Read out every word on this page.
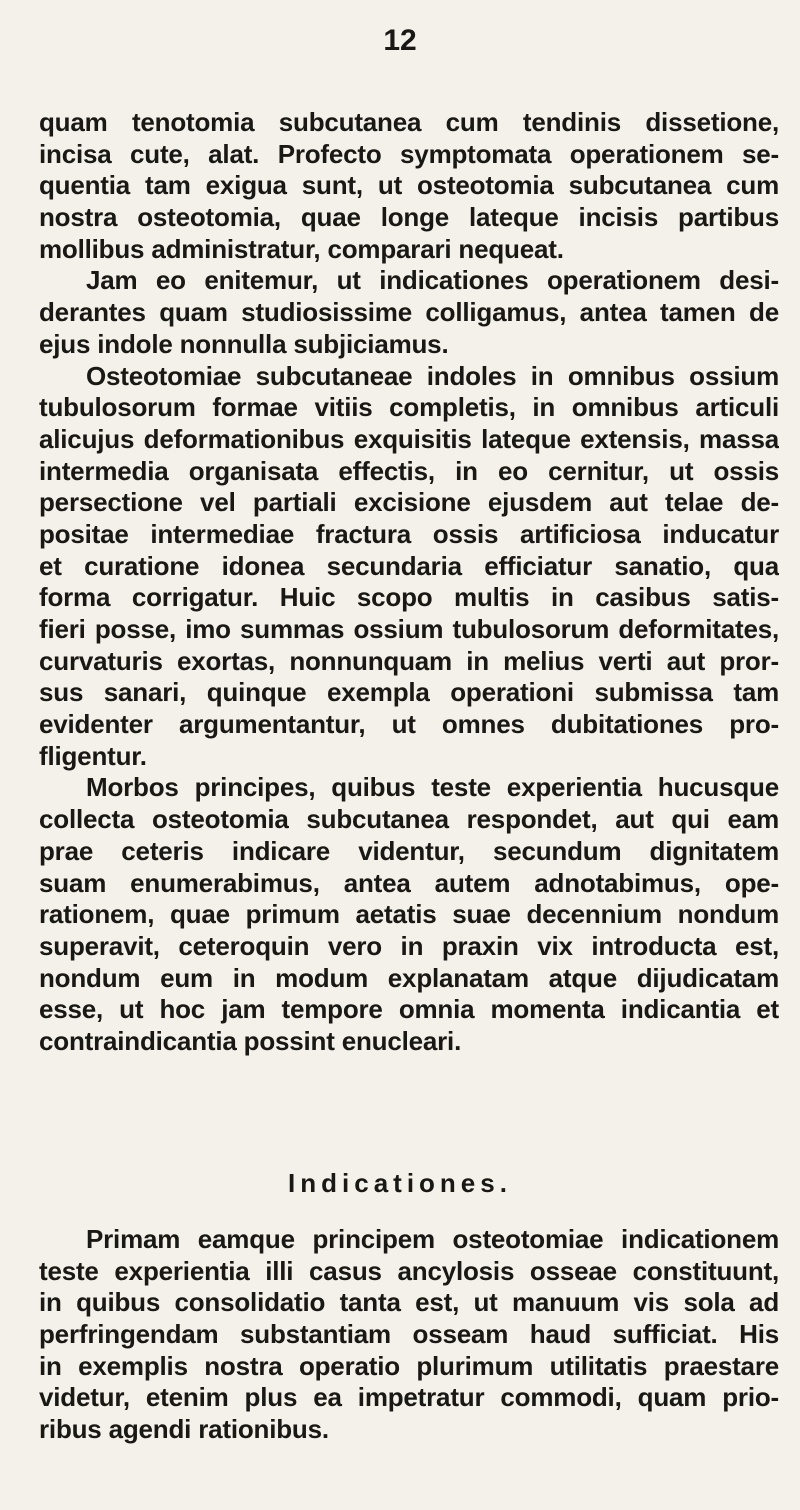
12
quam tenotomia subcutanea cum tendinis dissetione,
incisa cute, alat. Profecto symptomata operationem se-
quentia tam exigua sunt, ut osteotomia subcutanea cum
nostra osteotomia, quae longe lateque incisis partibus
mollibus administratur, comparari nequeat.
Jam eo enitemur, ut indicationes operationem desi-
derantes quam studiosissime colligamus, antea tamen de
ejus indole nonnulla subjiciamus.
Osteotomiae subcutaneae indoles in omnibus ossium
tubulosorum formae vitiis completis, in omnibus articuli
alicujus deformationibus exquisitis lateque extensis, massa
intermedia organisata effectis, in eo cernitur, ut ossis
persectione vel partiali excisione ejusdem aut telae de-
positae intermediae fractura ossis artificiosa inducatur
et curatione idonea secundaria efficiatur sanatio, qua
forma corrigatur. Huic scopo multis in casibus satis-
fieri posse, imo summas ossium tubulosorum deformitates,
curvaturis exortas, nonnunquam in melius verti aut pror-
sus sanari, quinque exempla operationi submissa tam
evidenter argumentantur, ut omnes dubitationes pro-
fligentur.
Morbos principes, quibus teste experientia hucusque
collecta osteotomia subcutanea respondet, aut qui eam
prae ceteris indicare videntur, secundum dignitatem
suam enumerabimus, antea autem adnotabimus, ope-
rationem, quae primum aetatis suae decennium nondum
superavit, ceteroquin vero in praxin vix introducta est,
nondum eum in modum explanatam atque dijudicatam
esse, ut hoc jam tempore omnia momenta indicantia et
contraindicantia possint enucleari.
Indicationes.
Primam eamque principem osteotomiae indicationem
teste experientia illi casus ancylosis osseae constituunt,
in quibus consolidatio tanta est, ut manuum vis sola ad
perfringendam substantiam osseam haud sufficiat. His
in exemplis nostra operatio plurimum utilitatis praestare
videtur, etenim plus ea impetratur commodi, quam prio-
ribus agendi rationibus.
